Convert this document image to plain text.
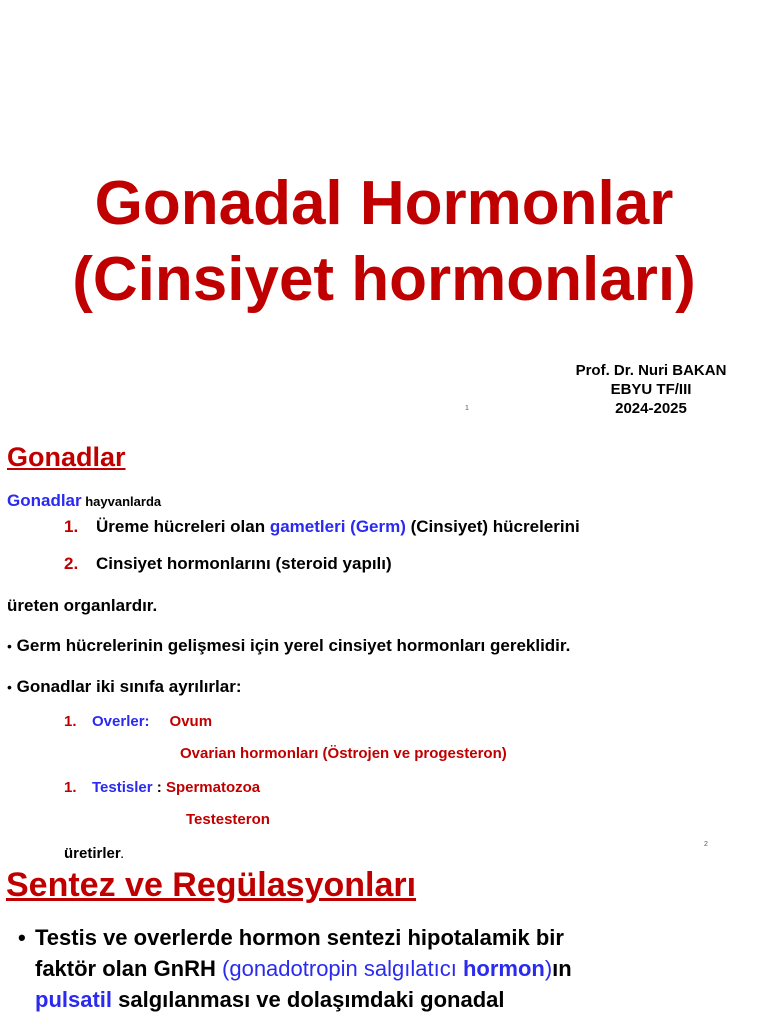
Gonadal Hormonlar
(Cinsiyet hormonları)
Prof. Dr. Nuri BAKAN
EBYU TF/III
2024-2025
1
Gonadlar
Gonadlar hayvanlarda
1. Üreme hücreleri olan gametleri (Germ) (Cinsiyet) hücrelerini
2. Cinsiyet hormonlarını (steroid yapılı)
üreten organlardır.
• Germ hücrelerinin gelişmesi için yerel cinsiyet hormonları gereklidir.
• Gonadlar iki sınıfa ayrılırlar:
1. Overler: Ovum
Ovarian hormonları (Östrojen ve progesteron)
1. Testisler : Spermatozoa
Testesteron
üretirler.
2
Sentez ve Regülasyonları
• Testis ve overlerde hormon sentezi hipotalamik bir
faktör olan GnRH (gonadotropin salgılatıcı hormon)ın
pulsatil salgılanması ve dolaşımdaki gonadal
